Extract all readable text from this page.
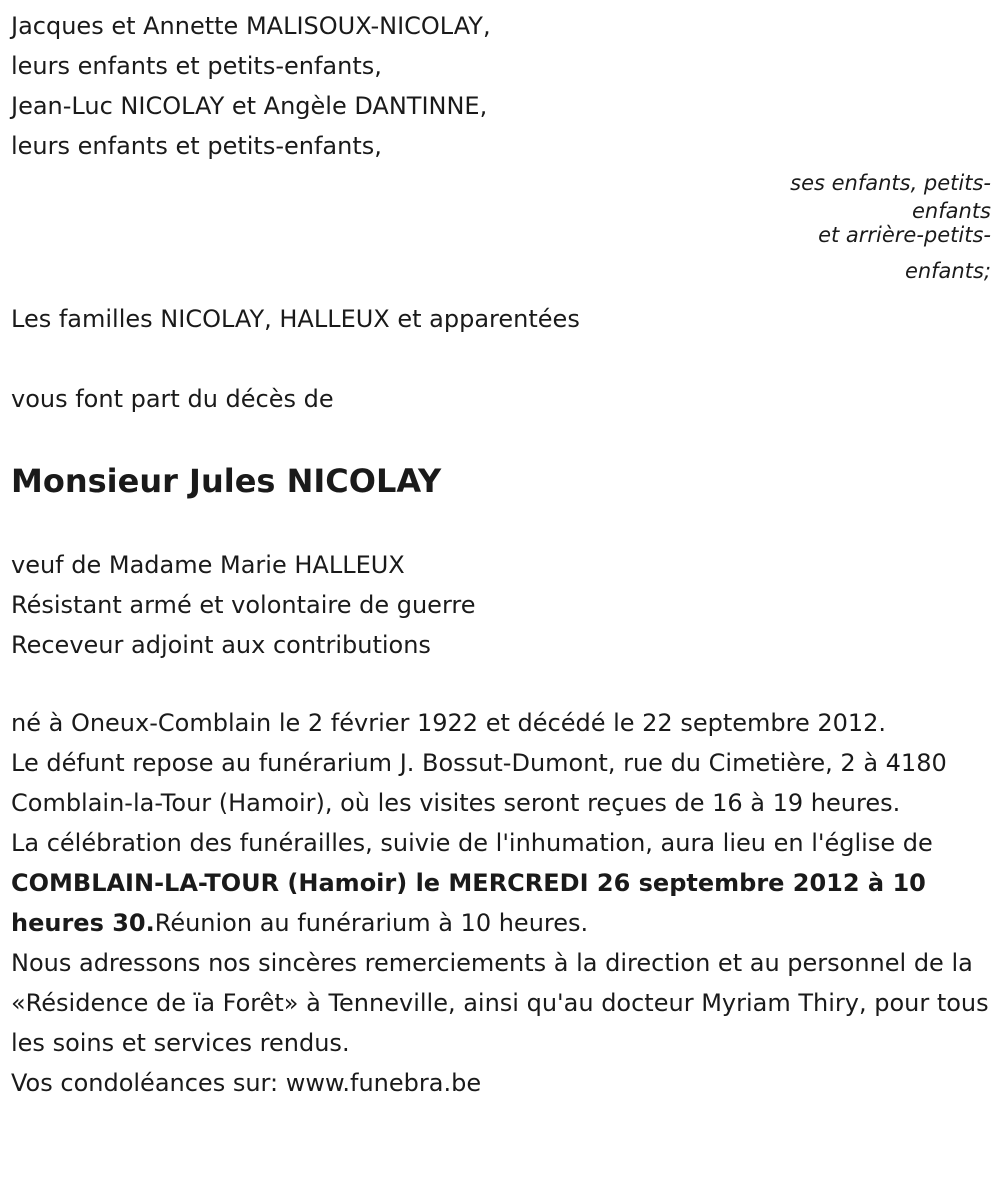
Jacques et Annette MALISOUX-NICOLAY,
leurs enfants et petits-enfants,
Jean-Luc NICOLAY et Angèle DANTINNE,
leurs enfants et petits-enfants,
ses enfants, petits-
enfants
et arrière-petits-
enfants;
Les familles NICOLAY, HALLEUX et apparentées
vous font part du décès de
Monsieur Jules NICOLAY
veuf de Madame Marie HALLEUX
Résistant armé et volontaire de guerre
Receveur adjoint aux contributions

né à Oneux-Comblain le 2 février 1922 et décédé le 22 septembre 2012.

Le défunt repose au funérarium J. Bossut-Dumont, rue du Cimetière, 2 à 4180 Comblain-la-Tour (Hamoir), où les visites seront reçues de 16 à 19 heures.

La célébration des funérailles, suivie de l'inhumation, aura lieu en l'église de COMBLAIN-LA-TOUR (Hamoir) le MERCREDI 26 septembre 2012 à 10 heures 30.Réunion au funérarium à 10 heures.

Nous adressons nos sincères remerciements à la direction et au personnel de la «Résidence de ïa Forêt» à Tenneville, ainsi qu'au docteur Myriam Thiry, pour tous les soins et services rendus.

Vos condoléances sur: www.funebra.be
